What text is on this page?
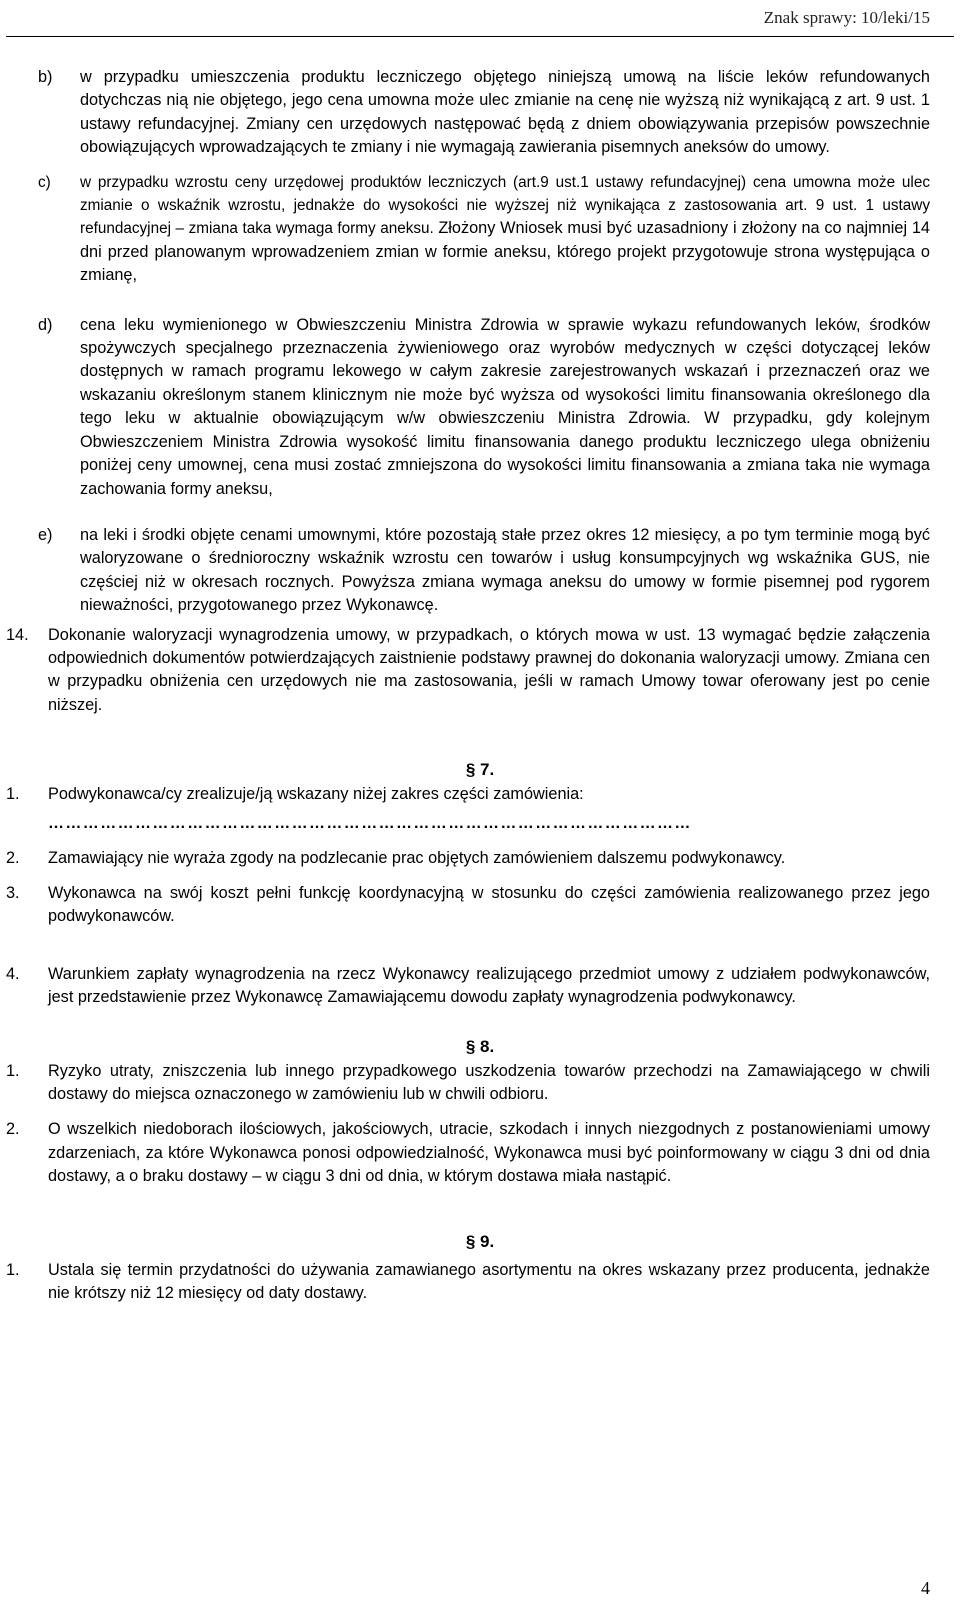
Znak sprawy: 10/leki/15
b) w przypadku umieszczenia produktu leczniczego objętego niniejszą umową na liście leków refundowanych dotychczas nią nie objętego, jego cena umowna może ulec zmianie na cenę nie wyższą niż wynikającą z art. 9 ust. 1 ustawy refundacyjnej. Zmiany cen urzędowych następować będą z dniem obowiązywania przepisów powszechnie obowiązujących wprowadzających te zmiany i nie wymagają zawierania pisemnych aneksów do umowy.
c) w przypadku wzrostu ceny urzędowej produktów leczniczych (art.9 ust.1 ustawy refundacyjnej) cena umowna może ulec zmianie o wskaźnik wzrostu, jednakże do wysokości nie wyższej niż wynikająca z zastosowania art. 9 ust. 1 ustawy refundacyjnej – zmiana taka wymaga formy aneksu. Złożony Wniosek musi być uzasadniony i złożony na co najmniej 14 dni przed planowanym wprowadzeniem zmian w formie aneksu, którego projekt przygotowuje strona występująca o zmianę,
d) cena leku wymienionego w Obwieszczeniu Ministra Zdrowia w sprawie wykazu refundowanych leków, środków spożywczych specjalnego przeznaczenia żywieniowego oraz wyrobów medycznych w części dotyczącej leków dostępnych w ramach programu lekowego w całym zakresie zarejestrowanych wskazań i przeznaczeń oraz we wskazaniu określonym stanem klinicznym nie może być wyższa od wysokości limitu finansowania określonego dla tego leku w aktualnie obowiązującym w/w obwieszczeniu Ministra Zdrowia. W przypadku, gdy kolejnym Obwieszczeniem Ministra Zdrowia wysokość limitu finansowania danego produktu leczniczego ulega obniżeniu poniżej ceny umownej, cena musi zostać zmniejszona do wysokości limitu finansowania a zmiana taka nie wymaga zachowania formy aneksu,
e) na leki i środki objęte cenami umownymi, które pozostają stałe przez okres 12 miesięcy, a po tym terminie mogą być waloryzowane o średnioroczny wskaźnik wzrostu cen towarów i usług konsumpcyjnych wg wskaźnika GUS, nie częściej niż w okresach rocznych. Powyższa zmiana wymaga aneksu do umowy w formie pisemnej pod rygorem nieważności, przygotowanego przez Wykonawcę.
14. Dokonanie waloryzacji wynagrodzenia umowy, w przypadkach, o których mowa w ust. 13 wymagać będzie załączenia odpowiednich dokumentów potwierdzających zaistnienie podstawy prawnej do dokonania waloryzacji umowy. Zmiana cen w przypadku obniżenia cen urzędowych nie ma zastosowania, jeśli w ramach Umowy towar oferowany jest po cenie niższej.
§ 7.
1. Podwykonawca/cy zrealizuje/ją wskazany niżej zakres części zamówienia:
…………………………………………………………………………………………………
2. Zamawiający nie wyraża zgody na podzlecanie prac objętych zamówieniem dalszemu podwykonawcy.
3. Wykonawca na swój koszt pełni funkcję koordynacyjną w stosunku do części zamówienia realizowanego przez jego podwykonawców.
4. Warunkiem zapłaty wynagrodzenia na rzecz Wykonawcy realizującego przedmiot umowy z udziałem podwykonawców, jest przedstawienie przez Wykonawcę Zamawiającemu dowodu zapłaty wynagrodzenia podwykonawcy.
§ 8.
1. Ryzyko utraty, zniszczenia lub innego przypadkowego uszkodzenia towarów przechodzi na Zamawiającego w chwili dostawy do miejsca oznaczonego w zamówieniu lub w chwili odbioru.
2. O wszelkich niedoborach ilościowych, jakościowych, utracie, szkodach i innych niezgodnych z postanowieniami umowy zdarzeniach, za które Wykonawca ponosi odpowiedzialność, Wykonawca musi być poinformowany w ciągu 3 dni od dnia dostawy, a o braku dostawy – w ciągu 3 dni od dnia, w którym dostawa miała nastąpić.
§ 9.
1. Ustala się termin przydatności do używania zamawianego asortymentu na okres wskazany przez producenta, jednakże nie krótszy niż 12 miesięcy od daty dostawy.
4
